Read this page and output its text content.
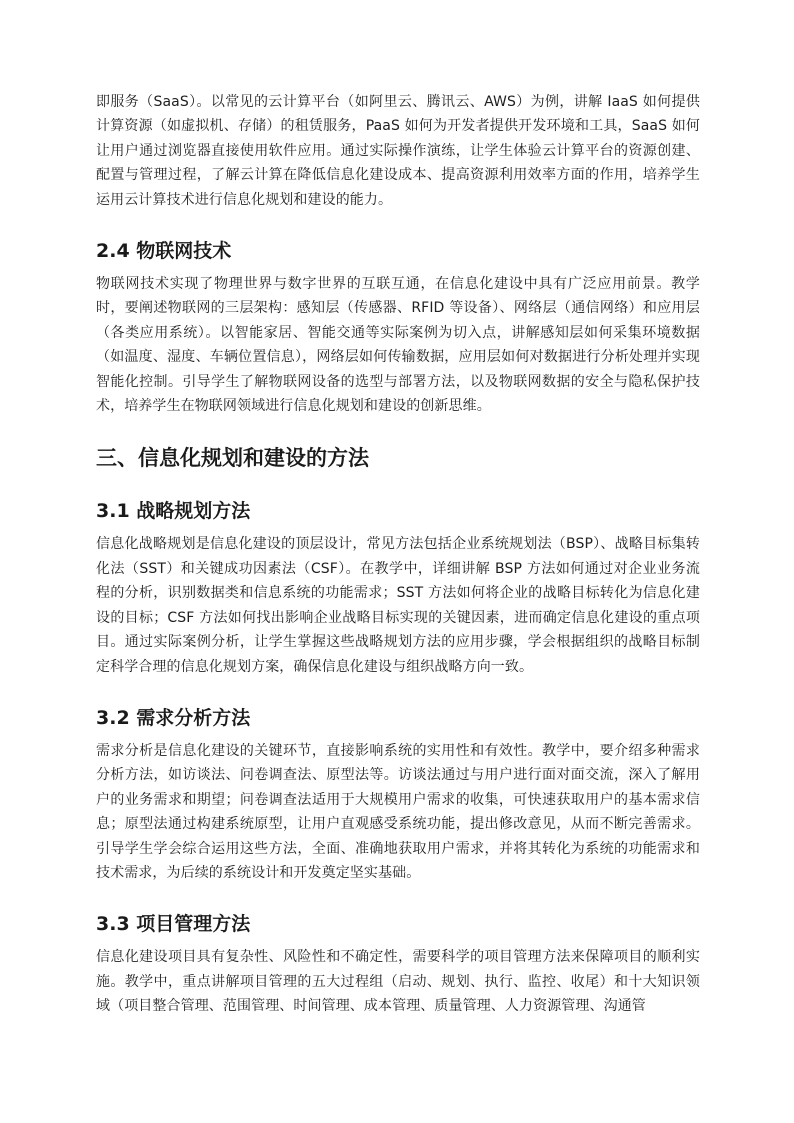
即服务（SaaS）。以常见的云计算平台（如阿里云、腾讯云、AWS）为例，讲解 IaaS 如何提供计算资源（如虚拟机、存储）的租赁服务，PaaS 如何为开发者提供开发环境和工具，SaaS 如何让用户通过浏览器直接使用软件应用。通过实际操作演练，让学生体验云计算平台的资源创建、配置与管理过程，了解云计算在降低信息化建设成本、提高资源利用效率方面的作用，培养学生运用云计算技术进行信息化规划和建设的能力。

2.4 物联网技术

物联网技术实现了物理世界与数字世界的互联互通，在信息化建设中具有广泛应用前景。教学时，要阐述物联网的三层架构：感知层（传感器、RFID 等设备）、网络层（通信网络）和应用层（各类应用系统）。以智能家居、智能交通等实际案例为切入点，讲解感知层如何采集环境数据（如温度、湿度、车辆位置信息），网络层如何传输数据，应用层如何对数据进行分析处理并实现智能化控制。引导学生了解物联网设备的选型与部署方法，以及物联网数据的安全与隐私保护技术，培养学生在物联网领域进行信息化规划和建设的创新思维。

三、信息化规划和建设的方法
3.1 战略规划方法

信息化战略规划是信息化建设的顶层设计，常见方法包括企业系统规划法（BSP）、战略目标集转化法（SST）和关键成功因素法（CSF）。在教学中，详细讲解 BSP 方法如何通过对企业业务流程的分析，识别数据类和信息系统的功能需求；SST 方法如何将企业的战略目标转化为信息化建设的目标；CSF 方法如何找出影响企业战略目标实现的关键因素，进而确定信息化建设的重点项目。通过实际案例分析，让学生掌握这些战略规划方法的应用步骤，学会根据组织的战略目标制定科学合理的信息化规划方案，确保信息化建设与组织战略方向一致。

3.2 需求分析方法

需求分析是信息化建设的关键环节，直接影响系统的实用性和有效性。教学中，要介绍多种需求分析方法，如访谈法、问卷调查法、原型法等。访谈法通过与用户进行面对面交流，深入了解用户的业务需求和期望；问卷调查法适用于大规模用户需求的收集，可快速获取用户的基本需求信息；原型法通过构建系统原型，让用户直观感受系统功能，提出修改意见，从而不断完善需求。引导学生学会综合运用这些方法，全面、准确地获取用户需求，并将其转化为系统的功能需求和技术需求，为后续的系统设计和开发奠定坚实基础。

3.3 项目管理方法

信息化建设项目具有复杂性、风险性和不确定性，需要科学的项目管理方法来保障项目的顺利实施。教学中，重点讲解项目管理的五大过程组（启动、规划、执行、监控、收尾）和十大知识领域（项目整合管理、范围管理、时间管理、成本管理、质量管理、人力资源管理、沟通管
